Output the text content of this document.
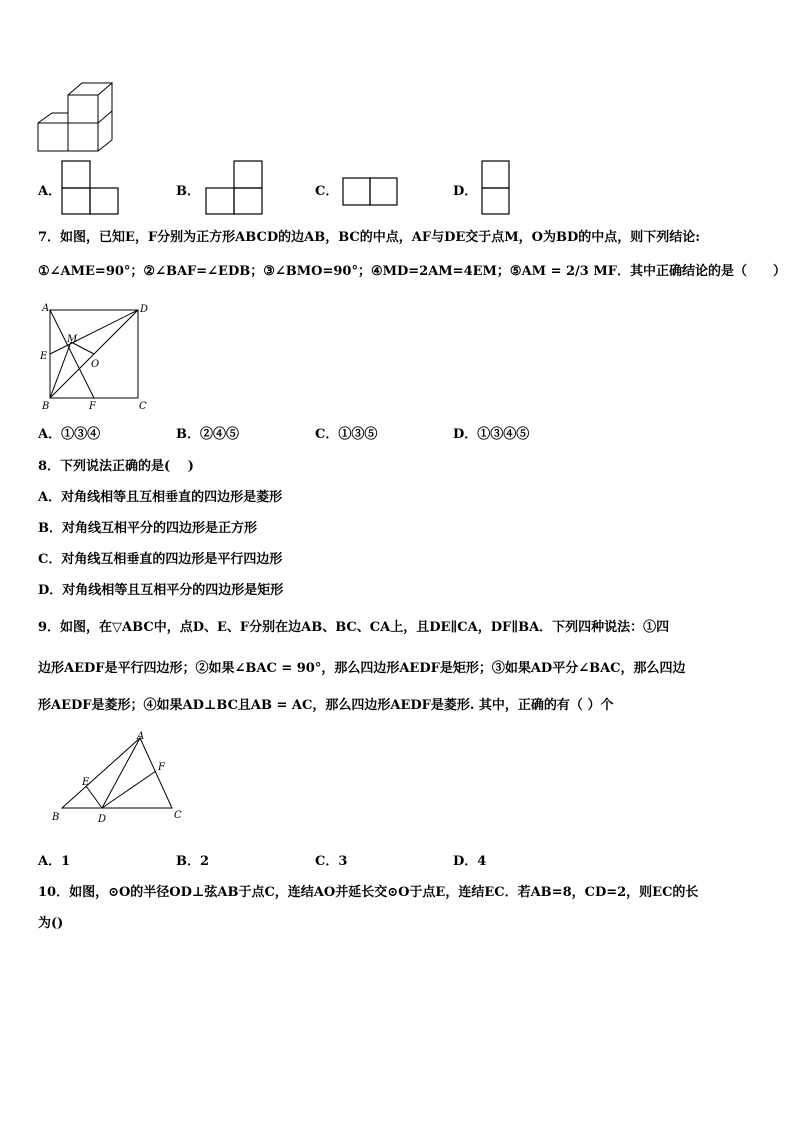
A．	B．	C．	D．
7．如图，已知E，F分别为正方形ABCD的边AB，BC的中点，AF与DE交于点M，O为BD的中点，则下列结论:
①∠AME=90°；②∠BAF=∠EDB；③∠BMO=90°；④MD=2AM=4EM；⑤AM = 2/3 MF．其中正确结论的是（　　）
A	D
M
E
O
B	F	C
A．①③④	B．②④⑤	C．①③⑤	D．①③④⑤
8．下列说法正确的是(　 )
A．对角线相等且互相垂直的四边形是菱形
B．对角线互相平分的四边形是正方形
C．对角线互相垂直的四边形是平行四边形
D．对角线相等且互相平分的四边形是矩形
9．如图，在▽ABC中，点D、E、F分别在边AB、BC、CA上，且DE∥CA，DF∥BA．下列四种说法：①四
边形AEDF是平行四边形；②如果∠BAC = 90°，那么四边形AEDF是矩形；③如果AD平分∠BAC，那么四边
形AEDF是菱形；④如果AD⊥BC且AB = AC，那么四边形AEDF是菱形. 其中，正确的有（ ）个
A
E
F
B	D	C
A．1	B．2	C．3	D．4
10．如图，⊙O的半径OD⊥弦AB于点C，连结AO并延长交⊙O于点E，连结EC．若AB=8，CD=2，则EC的长
为()
